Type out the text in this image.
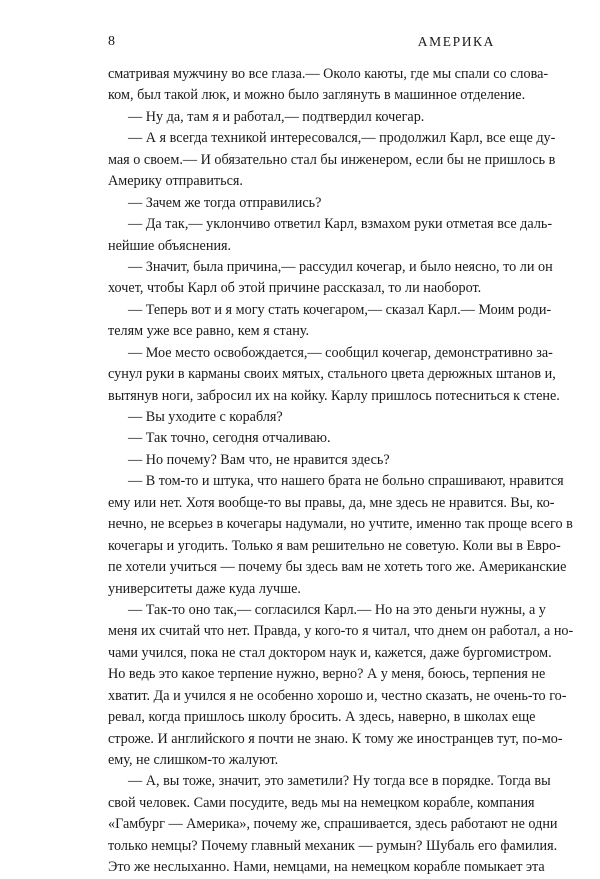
8	АМЕРИКА
сматривая мужчину во все глаза.— Около каюты, где мы спали со слова-
ком, был такой люк, и можно было заглянуть в машинное отделение.
— Ну да, там я и работал,— подтвердил кочегар.
— А я всегда техникой интересовался,— продолжил Карл, все еще ду-
мая о своем.— И обязательно стал бы инженером, если бы не пришлось в
Америку отправиться.
— Зачем же тогда отправились?
— Да так,— уклончиво ответил Карл, взмахом руки отметая все даль-
нейшие объяснения.
— Значит, была причина,— рассудил кочегар, и было неясно, то ли он
хочет, чтобы Карл об этой причине рассказал, то ли наоборот.
— Теперь вот и я могу стать кочегаром,— сказал Карл.— Моим роди-
телям уже все равно, кем я стану.
— Мое место освобождается,— сообщил кочегар, демонстративно за-
сунул руки в карманы своих мятых, стального цвета дерюжных штанов и,
вытянув ноги, забросил их на койку. Карлу пришлось потесниться к стене.
— Вы уходите с корабля?
— Так точно, сегодня отчаливаю.
— Но почему? Вам что, не нравится здесь?
— В том-то и штука, что нашего брата не больно спрашивают, нравится
ему или нет. Хотя вообще-то вы правы, да, мне здесь не нравится. Вы, ко-
нечно, не всерьез в кочегары надумали, но учтите, именно так проще всего в
кочегары и угодить. Только я вам решительно не советую. Коли вы в Евро-
пе хотели учиться — почему бы здесь вам не хотеть того же. Американские
университеты даже куда лучше.
— Так-то оно так,— согласился Карл.— Но на это деньги нужны, а у
меня их считай что нет. Правда, у кого-то я читал, что днем он работал, а но-
чами учился, пока не стал доктором наук и, кажется, даже бургомистром.
Но ведь это какое терпение нужно, верно? А у меня, боюсь, терпения не
хватит. Да и учился я не особенно хорошо и, честно сказать, не очень-то го-
ревал, когда пришлось школу бросить. А здесь, наверно, в школах еще
строже. И английского я почти не знаю. К тому же иностранцев тут, по-мо-
ему, не слишком-то жалуют.
— А, вы тоже, значит, это заметили? Ну тогда все в порядке. Тогда вы
свой человек. Сами посудите, ведь мы на немецком корабле, компания
«Гамбург — Америка», почему же, спрашивается, здесь работают не одни
только немцы? Почему главный механик — румын? Шубаль его фамилия.
Это же неслыханно. Нами, немцами, на немецком корабле помыкает эта
